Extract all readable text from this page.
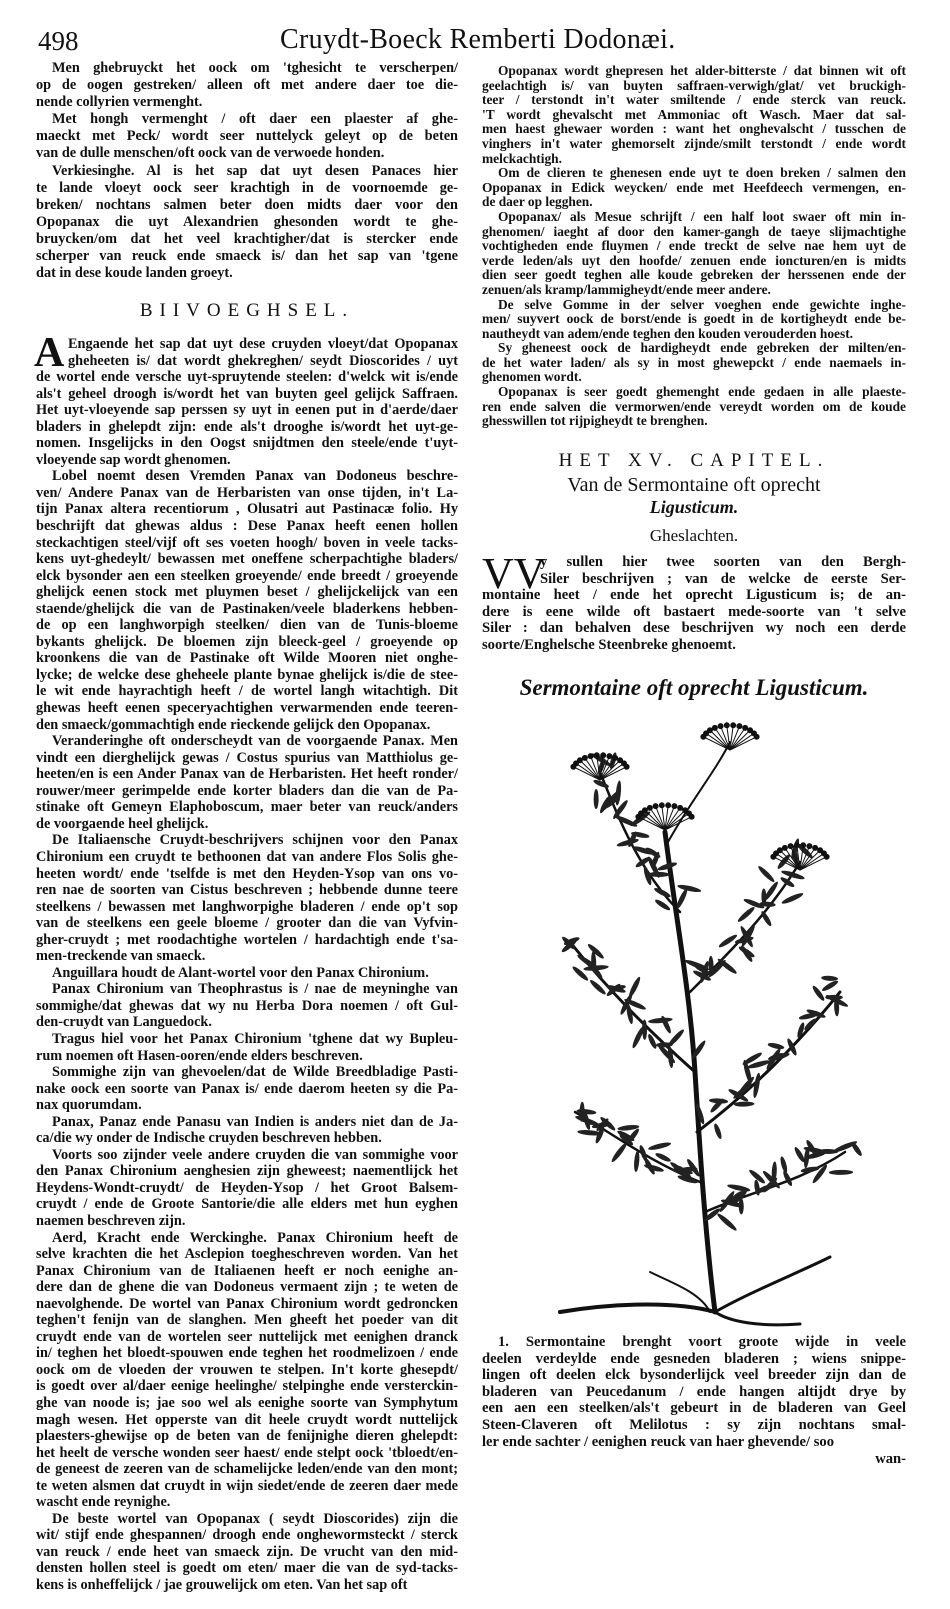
498	Cruydt-Boeck Remberti Dodonæi.
Men ghebruyckt het oock om 'tghesicht te verscherpen/
op de oogen gestreken/ alleen oft met andere daer toe die-
nende collyrien vermenght.
Met hongh vermenght / oft daer een plaester af ghe-
maeckt met Peck/ wordt seer nuttelyck geleyt op de beten
van de dulle menschen/oft oock van de verwoede honden.
Verkiesinghe. Al is het sap dat uyt desen Panaces hier
te lande vloeyt oock seer krachtigh in de voornoemde ge-
breken/ nochtans salmen beter doen midts daer voor den
Opopanax die uyt Alexandrien ghesonden wordt te ghe-
bruycken/om dat het veel krachtigher/dat is stercker ende
scherper van reuck ende smaeck is/ dan het sap van 'tgene
dat in dese koude landen groeyt.
BIIVOEGHSEL.
A Engaende het sap dat uyt dese cruyden vloeyt/dat Opopanax
gheheeten is/ dat wordt ghekreghen/ seydt Dioscorides / uyt
de wortel ende versche uyt-spruytende steelen: d'welck wit is/ende
als't geheel droogh is/wordt het van buyten geel gelijck Saffraen.
Het uyt-vloeyende sap perssen sy uyt in eenen put in d'aerde/daer
bladers in ghelepdt zijn: ende als't drooghe is/wordt het uyt-ge-
nomen. Insgelijcks in den Oogst snijdtmen den steele/ende t'uyt-
vloeyende sap wordt ghenomen.
Lobel noemt desen Vremden Panax van Dodoneus beschre-
ven/ Andere Panax van de Herbaristen van onse tijden, in't La-
tijn Panax altera recentiorum , Olusatri aut Pastinacæ folio. Hy
beschrijft dat ghewas aldus : Dese Panax heeft eenen hollen
steckachtigen steel/vijf oft ses voeten hoogh/ boven in veele tacks-
kens uyt-ghedeylt/ bewassen met oneffene scherpachtighe bladers/
elck bysonder aen een steelken groeyende/ ende breedt / groeyende
ghelijck eenen stock met pluymen beset / ghelijckelijck van een
staende/ghelijck die van de Pastinaken/veele bladerkens hebben-
de op een langhworpigh steelken/ dien van de Tunis-bloeme
bykants ghelijck. De bloemen zijn bleeck-geel / groeyende op
kroonkens die van de Pastinake oft Wilde Mooren niet onghe-
lycke; de welcke dese gheheele plante bynae ghelijck is/die de stee-
le wit ende hayrachtigh heeft / de wortel langh witachtigh. Dit
ghewas heeft eenen speceryachtighen verwarmenden ende teeren-
den smaeck/gommachtigh ende rieckende gelijck den Opopanax.
Veranderinghe oft onderscheydt van de voorgaende Panax. Men
vindt een diergheliјck gewas / Costus spurius van Matthiolus ge-
heeten/en is een Ander Panax van de Herbaristen. Het heeft ronder/
rouwer/meer gerimpelde ende korter bladers dan die van de Pa-
stinake oft Gemeyn Elaphoboscum, maer beter van reuck/anders
de voorgaende heel ghelijck.
De Italiaensche Cruydt-beschrijvers schijnen voor den Panax
Chironium een cruydt te bethoonen dat van andere Flos Solis ghe-
heeten wordt/ ende 'tselfde is met den Heyden-Ysop van ons vo-
ren nae de soorten van Cistus beschreven ; hebbende dunne teere
steelkens / bewassen met langhworpighe bladeren / ende op't sop
van de steelkens een geele bloeme / grooter dan die van Vyfvin-
gher-cruydt ; met roodachtighe wortelen / hardachtigh ende t'sa-
men-treckende van smaeck.
Anguillara houdt de Alant-wortel voor den Panax Chironium.
Panax Chironium van Theophrastus is / nae de meyninghe van
sommighe/dat ghewas dat wy nu Herba Dora noemen / oft Gul-
den-cruydt van Languedock.
Tragus hiel voor het Panax Chironium 'tghene dat wy Bupleu-
rum noemen oft Hasen-ooren/ende elders beschreven.
Sommighe zijn van ghevoelen/dat de Wilde Breedbladige Pasti-
nake oock een soorte van Panax is/ ende daerom heeten sy die Pa-
nax quorumdam.
Panax, Panaz ende Panasu van Indien is anders niet dan de Ja-
ca/die wy onder de Indische cruyden beschreven hebben.
Voorts soo zijnder veele andere cruyden die van sommighe voor
den Panax Chironium aenghesien zijn gheweest; naementlijck het
Heydens-Wondt-cruydt/ de Heyden-Ysop / het Groot Balsem-
cruydt / ende de Groote Santorie/die alle elders met hun eyghen
naemen beschreven zijn.
Aerd, Kracht ende Werckinghe. Panax Chironium heeft de
selve krachten die het Asclepion toegheschreven worden. Van het
Panax Chironium van de Italiaenen heeft er noch eenighe an-
dere dan de ghene die van Dodoneus vermaent zijn ; te weten de
naevolghende. De wortel van Panax Chironium wordt gedroncken
teghen't fenijn van de slanghen. Men gheeft het poeder van dit
cruydt ende van de wortelen seer nuttelijck met eenighen dranck
in/ teghen het bloedt-spouwen ende teghen het roodmelizoen / ende
oock om de vloeden der vrouwen te stelpen. In't korte ghesepdt/
is goedt over al/daer eenige heelinghe/ stelpinghe ende versterckin-
ghe van noode is; jae soo wel als eenighe soorte van Symphytum
magh wesen. Het opperste van dit heele cruydt wordt nuttelijck
plaesters-ghewijse op de beten van de fenijnighe dieren ghelepdt:
het heelt de versche wonden seer haest/ ende stelpt oock 'tbloedt/en-
de geneest de zeeren van de schamelijcke leden/ende van den mont;
te weten alsmen dat cruydt in wijn siedet/ende de zeeren daer mede
wascht ende reynighe.
De beste wortel van Opopanax ( seydt Dioscorides) zijn die
wit/ stijf ende ghespannen/ droogh ende onghewormsteckt / sterck
van reuck / ende heet van smaeck zijn. De vrucht van den mid-
densten hollen steel is goedt om eten/ maer die van de syd-tacks-
kens is onheffelijck / jae grouwelijck om eten. Van het sap oft
Opopanax wordt ghepresen het alder-bitterste / dat binnen wit oft
geelachtigh is/ van buyten saffraen-verwigh/glat/ vet bruckigh-
teer / terstondt in't water smiltende / ende sterck van reuck.
'T wordt ghevalscht met Ammoniac oft Wasch. Maer dat sal-
men haest ghewaer worden : want het onghevalscht / tusschen de
vinghers in't water ghemorselt zijnde/smilt terstondt / ende wordt
melckachtigh.
Om de clieren te ghenesen ende uyt te doen breken / salmen den
Opopanax in Edick weycken/ ende met Heefdeech vermengen, en-
de daer op legghen.
Opopanax/ als Mesue schrijft / een half loot swaer oft min in-
ghenomen/ iaeght af door den kamer-gangh de taeye slijmachtighe
vochtigheden ende fluymen / ende treckt de selve nae hem uyt de
verde leden/als uyt den hoofde/ zenuen ende ioncturen/en is midts
dien seer goedt teghen alle koude gebreken der herssenen ende der
zenuen/als kramp/lammigheydt/ende meer andere.
De selve Gomme in der selver voeghen ende gewichte inghe-
men/ suyvert oock de borst/ende is goedt in de kortigheydt ende be-
nautheydt van adem/ende teghen den kouden verouderden hoest.
Sy gheneest oock de hardigheydt ende gebreken der milten/en-
de het water laden/ als sy in most ghewepckt / ende naemaels in-
ghenomen wordt.
Opopanax is seer goedt ghemenght ende gedaen in alle plaeste-
ren ende salven die vermorwen/ende vereydt worden om de koude
ghesswillen tot rijpigheydt te brenghen.
HET XV. CAPITEL.
Van de Sermontaine oft oprecht
Ligusticum.
Gheslachten.
VV
y sullen hier twee soorten van den Bergh-
Siler beschrijven ; van de welcke de eerste Ser-
montaine heet / ende het oprecht Ligusticum is; de an-
dere is eene wilde oft bastaert mede-soorte van 't selve
Siler : dan behalven dese beschrijven wy noch een derde
soorte/Enghelsche Steenbreke ghenoemt.
Sermontaine oft oprecht Ligusticum.
1. Sermontaine brenght voort groote wijde in veele
deelen verdeylde ende gesneden bladeren ; wiens snippe-
lingen oft deelen elck bysonderlijck veel breeder zijn dan de
bladeren van Peucedanum / ende hangen altijdt drye by
een aen een steelken/als't gebeurt in de bladeren van Geel
Steen-Claveren oft Melilotus : sy zijn nochtans smal-
ler ende sachter / eenighen reuck van haer ghevende/ soo
wan-
